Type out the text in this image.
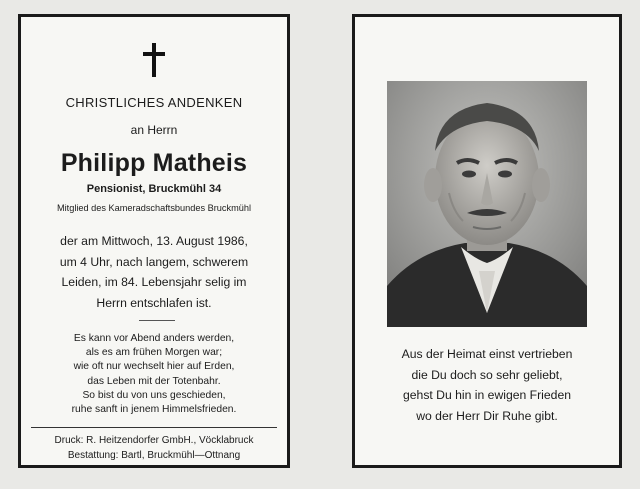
CHRISTLICHES ANDENKEN
an Herrn
Philipp Matheis
Pensionist, Bruckmühl 34
Mitglied des Kameradschaftsbundes Bruckmühl
der am Mittwoch, 13. August 1986,
um 4 Uhr, nach langem, schwerem
Leiden, im 84. Lebensjahr selig im
Herrn entschlafen ist.
Es kann vor Abend anders werden,
als es am frühen Morgen war;
wie oft nur wechselt hier auf Erden,
das Leben mit der Totenbahr.
So bist du von uns geschieden,
ruhe sanft in jenem Himmelsfrieden.
Druck: R. Heitzendorfer GmbH., Vöcklabruck
Bestattung: Bartl, Bruckmühl—Ottnang
Aus der Heimat einst vertrieben
die Du doch so sehr geliebt,
gehst Du hin in ewigen Frieden
wo der Herr Dir Ruhe gibt.
